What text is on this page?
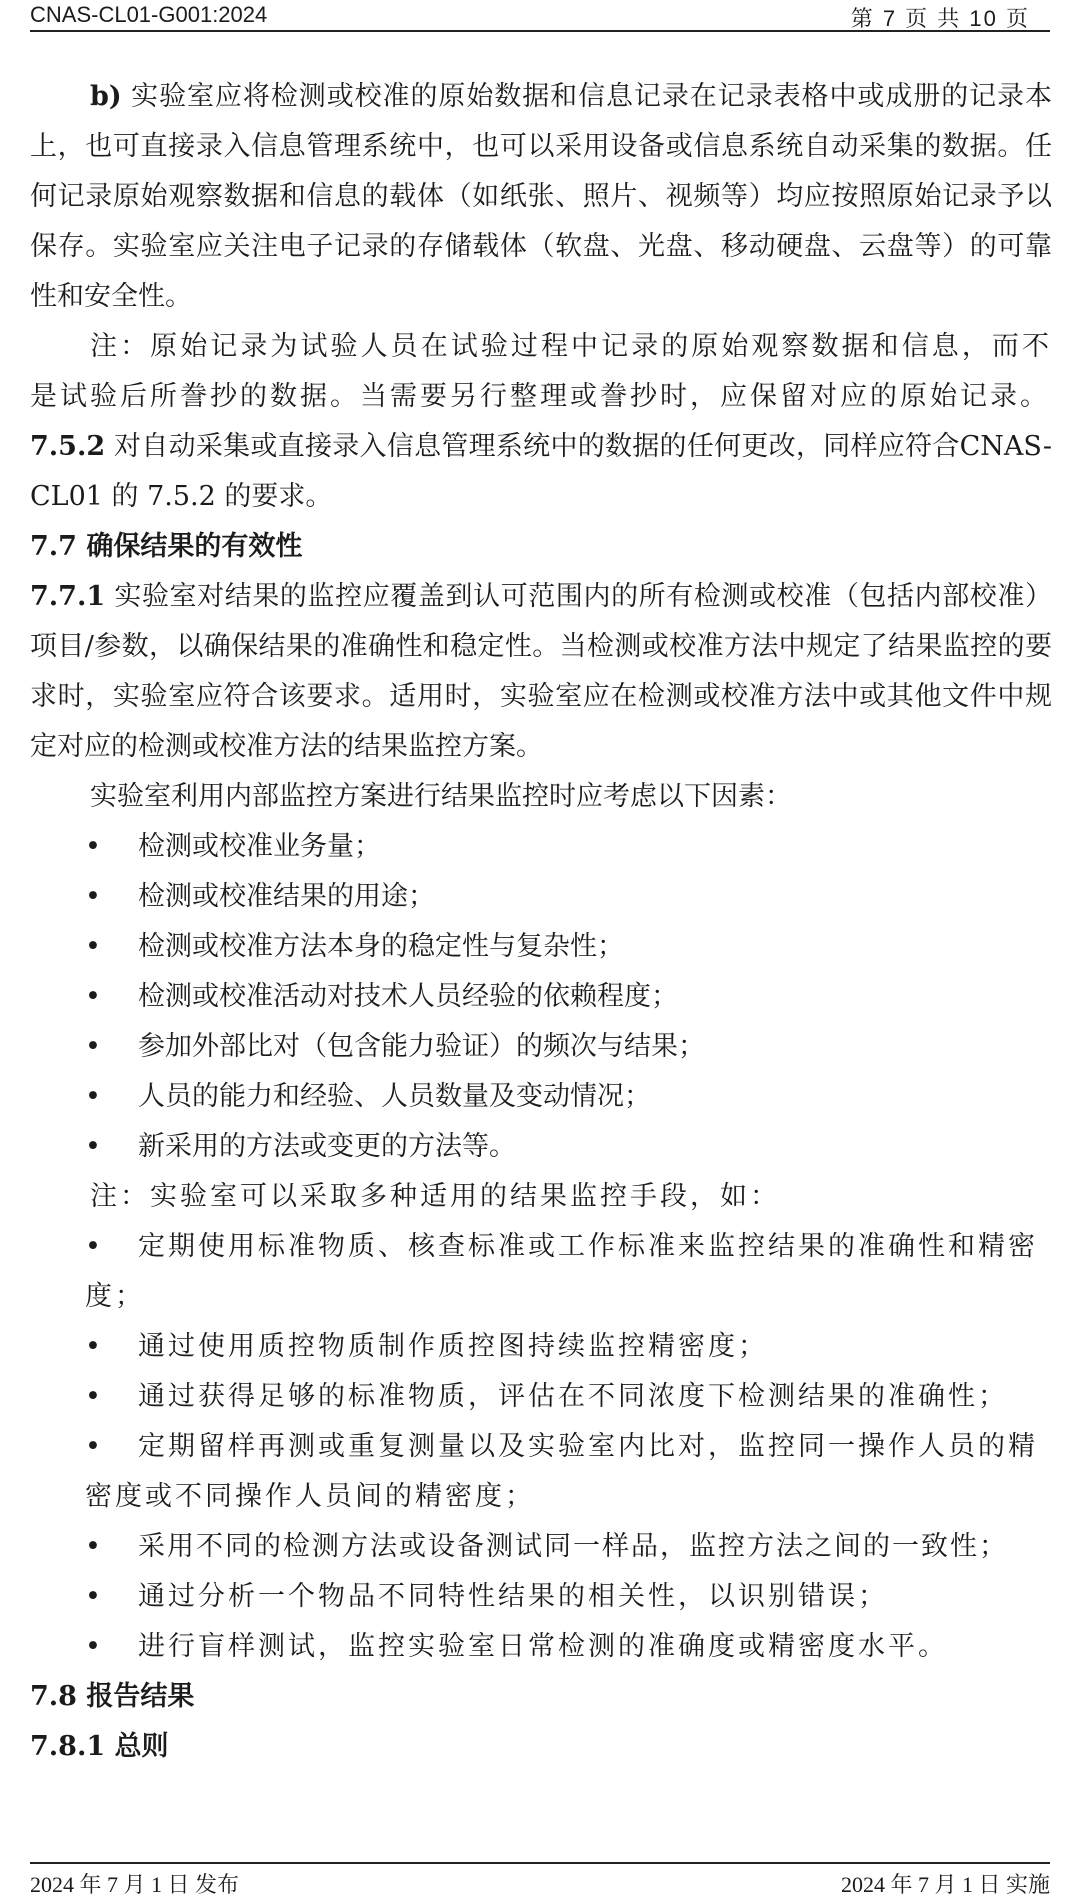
CNAS-CL01-G001:2024	第 7 页 共 10 页

b) 实验室应将检测或校准的原始数据和信息记录在记录表格中或成册的记录本上，也可直接录入信息管理系统中，也可以采用设备或信息系统自动采集的数据。任何记录原始观察数据和信息的载体（如纸张、照片、视频等）均应按照原始记录予以保存。实验室应关注电子记录的存储载体（软盘、光盘、移动硬盘、云盘等）的可靠性和安全性。

注：原始记录为试验人员在试验过程中记录的原始观察数据和信息，而不是试验后所誊抄的数据。当需要另行整理或誊抄时，应保留对应的原始记录。

7.5.2 对自动采集或直接录入信息管理系统中的数据的任何更改，同样应符合CNAS-CL01 的 7.5.2 的要求。

7.7 确保结果的有效性

7.7.1 实验室对结果的监控应覆盖到认可范围内的所有检测或校准（包括内部校准）项目/参数，以确保结果的准确性和稳定性。当检测或校准方法中规定了结果监控的要求时，实验室应符合该要求。适用时，实验室应在检测或校准方法中或其他文件中规定对应的检测或校准方法的结果监控方案。

实验室利用内部监控方案进行结果监控时应考虑以下因素：

• 检测或校准业务量；

• 检测或校准结果的用途；

• 检测或校准方法本身的稳定性与复杂性；

• 检测或校准活动对技术人员经验的依赖程度；

• 参加外部比对（包含能力验证）的频次与结果；

• 人员的能力和经验、人员数量及变动情况；

• 新采用的方法或变更的方法等。

注：实验室可以采取多种适用的结果监控手段，如：

• 定期使用标准物质、核查标准或工作标准来监控结果的准确性和精密度；

• 通过使用质控物质制作质控图持续监控精密度；

• 通过获得足够的标准物质，评估在不同浓度下检测结果的准确性；

• 定期留样再测或重复测量以及实验室内比对，监控同一操作人员的精密度或不同操作人员间的精密度；

• 采用不同的检测方法或设备测试同一样品，监控方法之间的一致性；

• 通过分析一个物品不同特性结果的相关性，以识别错误；

• 进行盲样测试，监控实验室日常检测的准确度或精密度水平。

7.8 报告结果

7.8.1 总则

2024 年 7 月 1 日 发布	2024 年 7 月 1 日 实施
